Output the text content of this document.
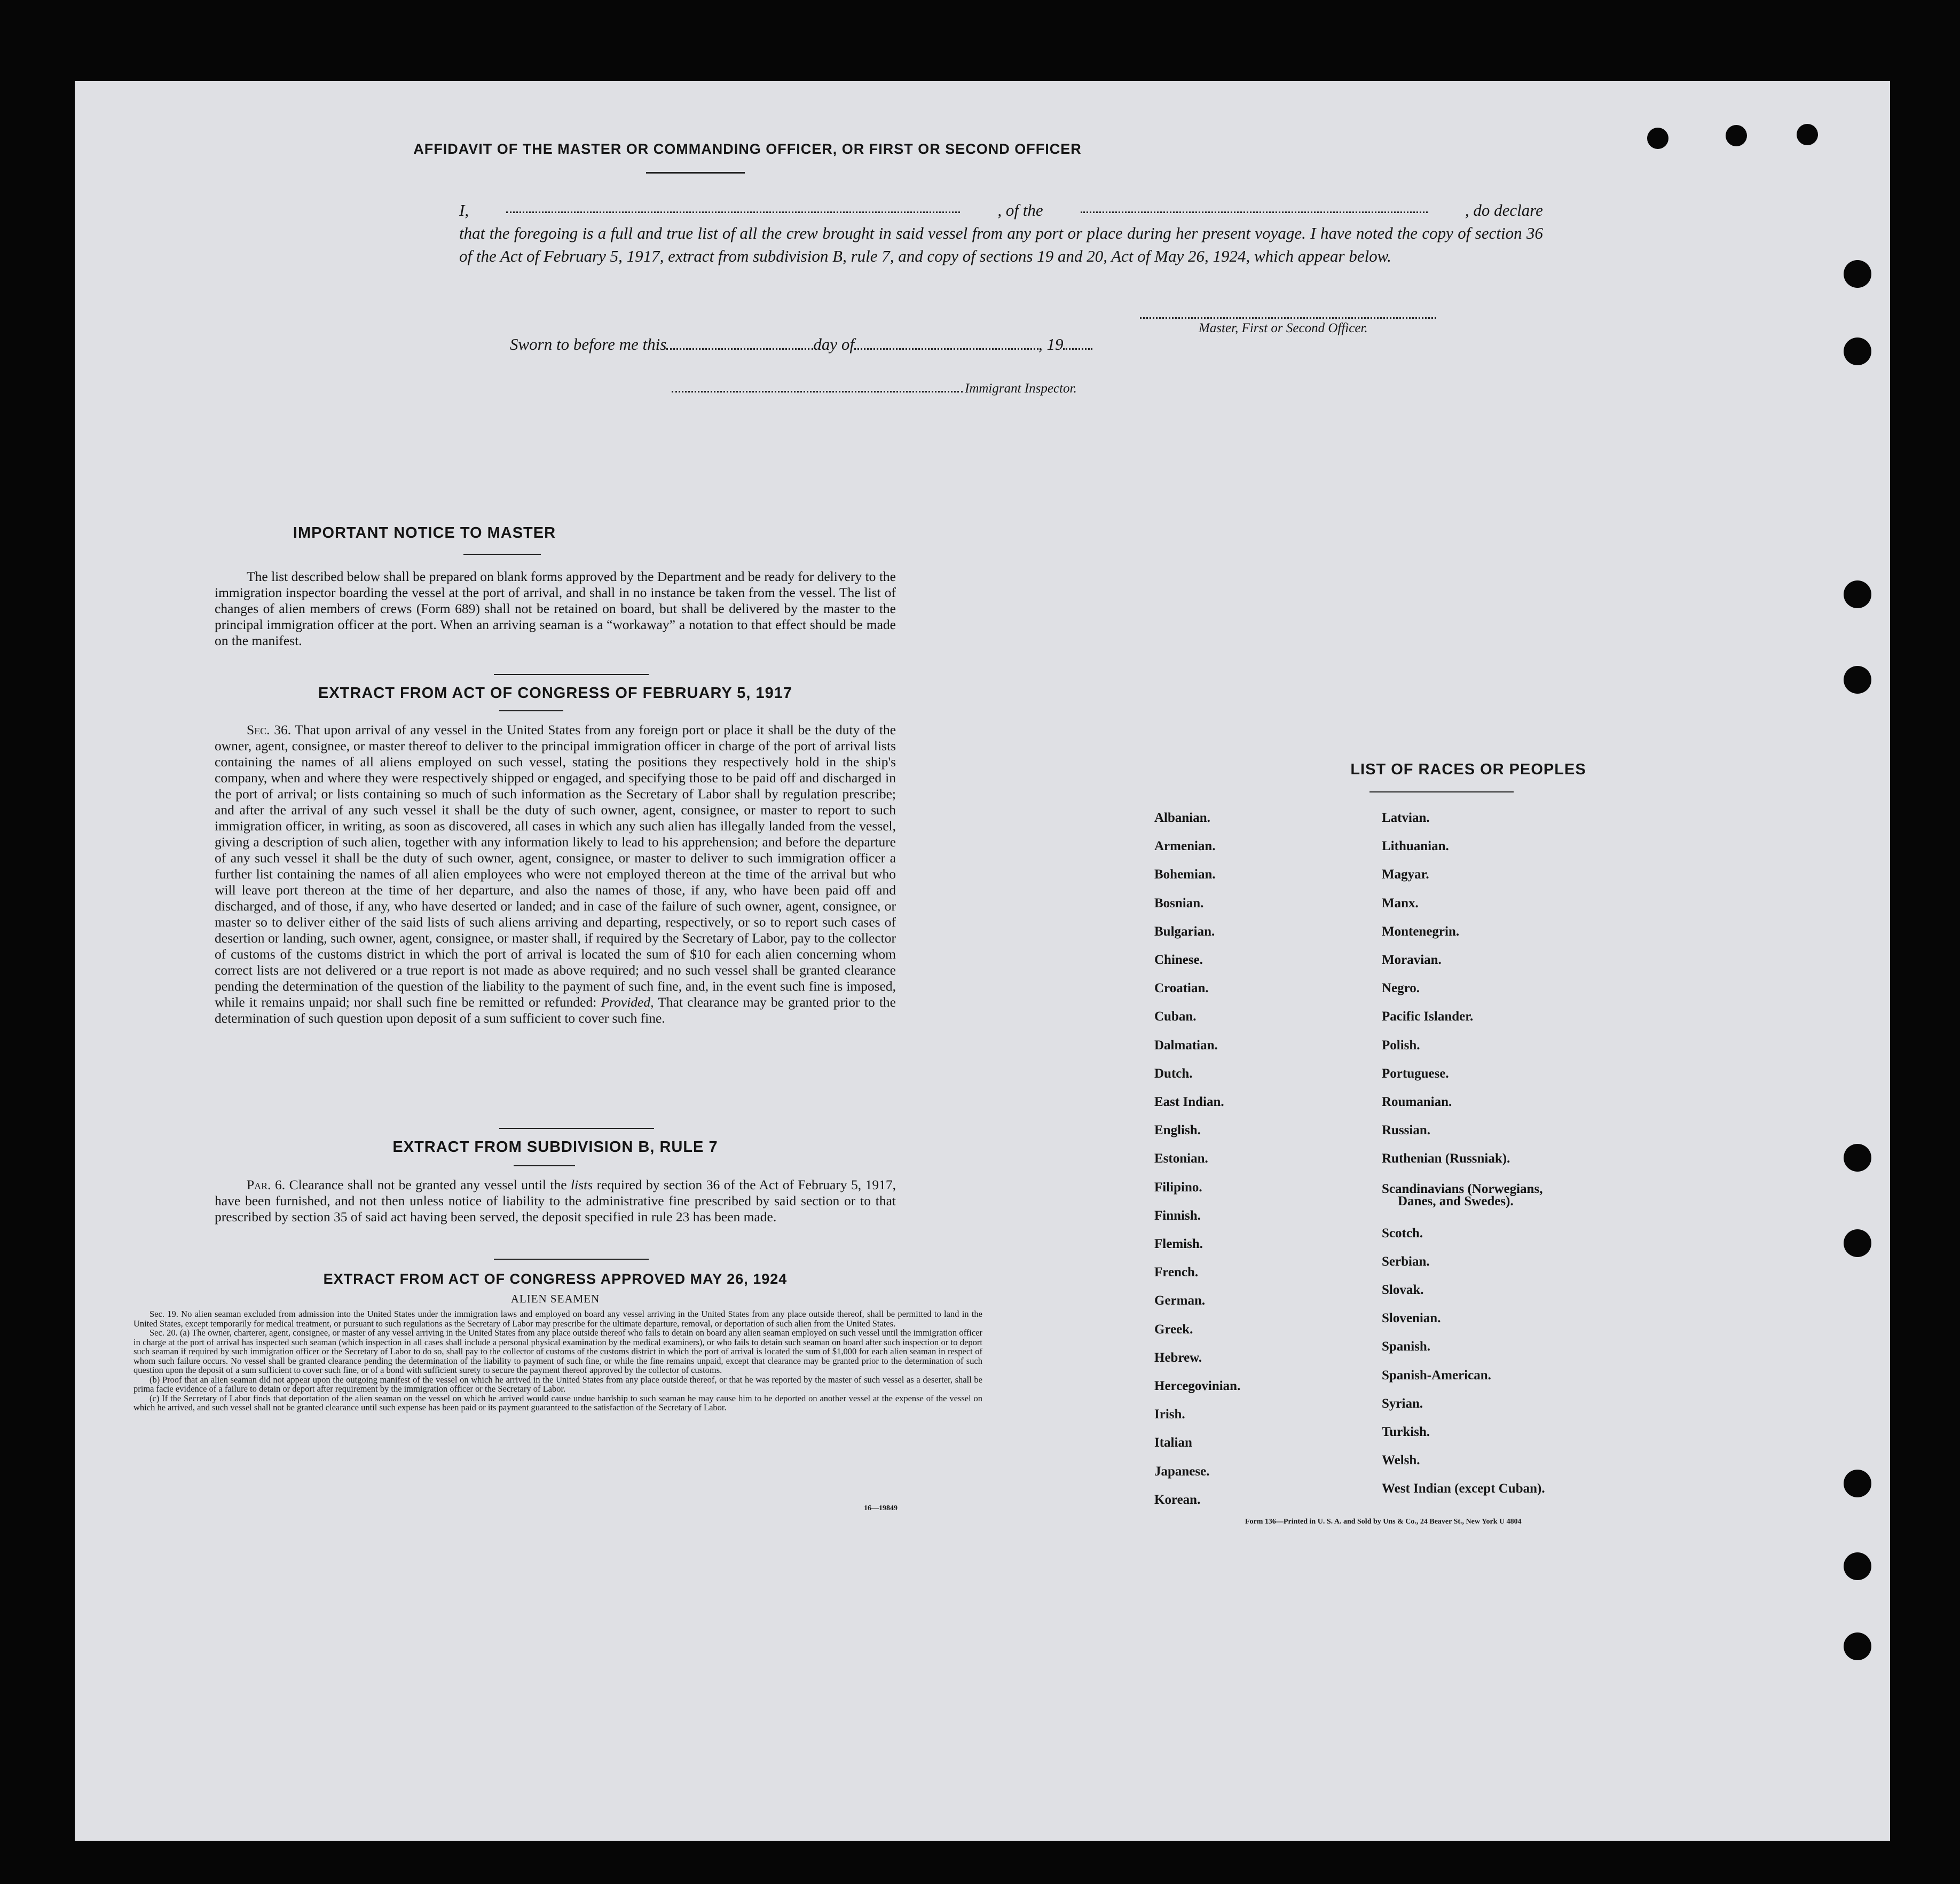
AFFIDAVIT OF THE MASTER OR COMMANDING OFFICER, OR FIRST OR SECOND OFFICER
I,	, of the	, do declare
that the foregoing is a full and true list of all the crew brought in said vessel from any port or place during her present voyage. I have noted the copy of section 36 of the Act of February 5, 1917, extract from subdivision B, rule 7, and copy of sections 19 and 20, Act of May 26, 1924, which appear below.
Master, First or Second Officer.
Sworn to before me this	day of	, 19
Immigrant Inspector.
IMPORTANT NOTICE TO MASTER
The list described below shall be prepared on blank forms approved by the Department and be ready for delivery to the immigration inspector boarding the vessel at the port of arrival, and shall in no instance be taken from the vessel. The list of changes of alien members of crews (Form 689) shall not be retained on board, but shall be delivered by the master to the principal immigration officer at the port. When an arriving seaman is a “workaway” a notation to that effect should be made on the manifest.
EXTRACT FROM ACT OF CONGRESS OF FEBRUARY 5, 1917
Sec. 36. That upon arrival of any vessel in the United States from any foreign port or place it shall be the duty of the owner, agent, consignee, or master thereof to deliver to the principal immigration officer in charge of the port of arrival lists containing the names of all aliens employed on such vessel, stating the positions they respectively hold in the ship's company, when and where they were respectively shipped or engaged, and specifying those to be paid off and discharged in the port of arrival; or lists containing so much of such information as the Secretary of Labor shall by regulation prescribe; and after the arrival of any such vessel it shall be the duty of such owner, agent, consignee, or master to report to such immigration officer, in writing, as soon as discovered, all cases in which any such alien has illegally landed from the vessel, giving a description of such alien, together with any information likely to lead to his apprehension; and before the departure of any such vessel it shall be the duty of such owner, agent, consignee, or master to deliver to such immigration officer a further list containing the names of all alien employees who were not employed thereon at the time of the arrival but who will leave port thereon at the time of her departure, and also the names of those, if any, who have been paid off and discharged, and of those, if any, who have deserted or landed; and in case of the failure of such owner, agent, consignee, or master so to deliver either of the said lists of such aliens arriving and departing, respectively, or so to report such cases of desertion or landing, such owner, agent, consignee, or master shall, if required by the Secretary of Labor, pay to the collector of customs of the customs district in which the port of arrival is located the sum of $10 for each alien concerning whom correct lists are not delivered or a true report is not made as above required; and no such vessel shall be granted clearance pending the determination of the question of the liability to the payment of such fine, and, in the event such fine is imposed, while it remains unpaid; nor shall such fine be remitted or refunded: Provided, That clearance may be granted prior to the determination of such question upon deposit of a sum sufficient to cover such fine.
EXTRACT FROM SUBDIVISION B, RULE 7
Par. 6. Clearance shall not be granted any vessel until the lists required by section 36 of the Act of February 5, 1917, have been furnished, and not then unless notice of liability to the administrative fine prescribed by said section or to that prescribed by section 35 of said act having been served, the deposit specified in rule 23 has been made.
EXTRACT FROM ACT OF CONGRESS APPROVED MAY 26, 1924
ALIEN SEAMEN

Sec. 19. No alien seaman excluded from admission into the United States under the immigration laws and employed on board any vessel arriving in the United States from any place outside thereof, shall be permitted to land in the United States, except temporarily for medical treatment, or pursuant to such regulations as the Secretary of Labor may prescribe for the ultimate departure, removal, or deportation of such alien from the United States.

Sec. 20. (a) The owner, charterer, agent, consignee, or master of any vessel arriving in the United States from any place outside thereof who fails to detain on board any alien seaman employed on such vessel until the immigration officer in charge at the port of arrival has inspected such seaman (which inspection in all cases shall include a personal physical examination by the medical examiners), or who fails to detain such seaman on board after such inspection or to deport such seaman if required by such immigration officer or the Secretary of Labor to do so, shall pay to the collector of customs of the customs district in which the port of arrival is located the sum of $1,000 for each alien seaman in respect of whom such failure occurs. No vessel shall be granted clearance pending the determination of the liability to payment of such fine, or while the fine remains unpaid, except that clearance may be granted prior to the determination of such question upon the deposit of a sum sufficient to cover such fine, or of a bond with sufficient surety to secure the payment thereof approved by the collector of customs.

(b) Proof that an alien seaman did not appear upon the outgoing manifest of the vessel on which he arrived in the United States from any place outside thereof, or that he was reported by the master of such vessel as a deserter, shall be prima facie evidence of a failure to detain or deport after requirement by the immigration officer or the Secretary of Labor.

(c) If the Secretary of Labor finds that deportation of the alien seaman on the vessel on which he arrived would cause undue hardship to such seaman he may cause him to be deported on another vessel at the expense of the vessel on which he arrived, and such vessel shall not be granted clearance until such expense has been paid or its payment guaranteed to the satisfaction of the Secretary of Labor.

16—19849
LIST OF RACES OR PEOPLES
Albanian.
Armenian.
Bohemian.
Bosnian.
Bulgarian.
Chinese.
Croatian.
Cuban.
Dalmatian.
Dutch.
East Indian.
English.
Estonian.
Filipino.
Finnish.
Flemish.
French.
German.
Greek.
Hebrew.
Hercegovinian.
Irish.
Italian
Japanese.
Korean.
Latvian.
Lithuanian.
Magyar.
Manx.
Montenegrin.
Moravian.
Negro.
Pacific Islander.
Polish.
Portuguese.
Roumanian.
Russian.
Ruthenian (Russniak).
Scandinavians (Norwegians,
Danes, and Swedes).
Scotch.
Serbian.
Slovak.
Slovenian.
Spanish.
Spanish-American.
Syrian.
Turkish.
Welsh.
West Indian (except Cuban).
Form 136—Printed in U. S. A. and Sold by Uns & Co., 24 Beaver St., New York U 4804
